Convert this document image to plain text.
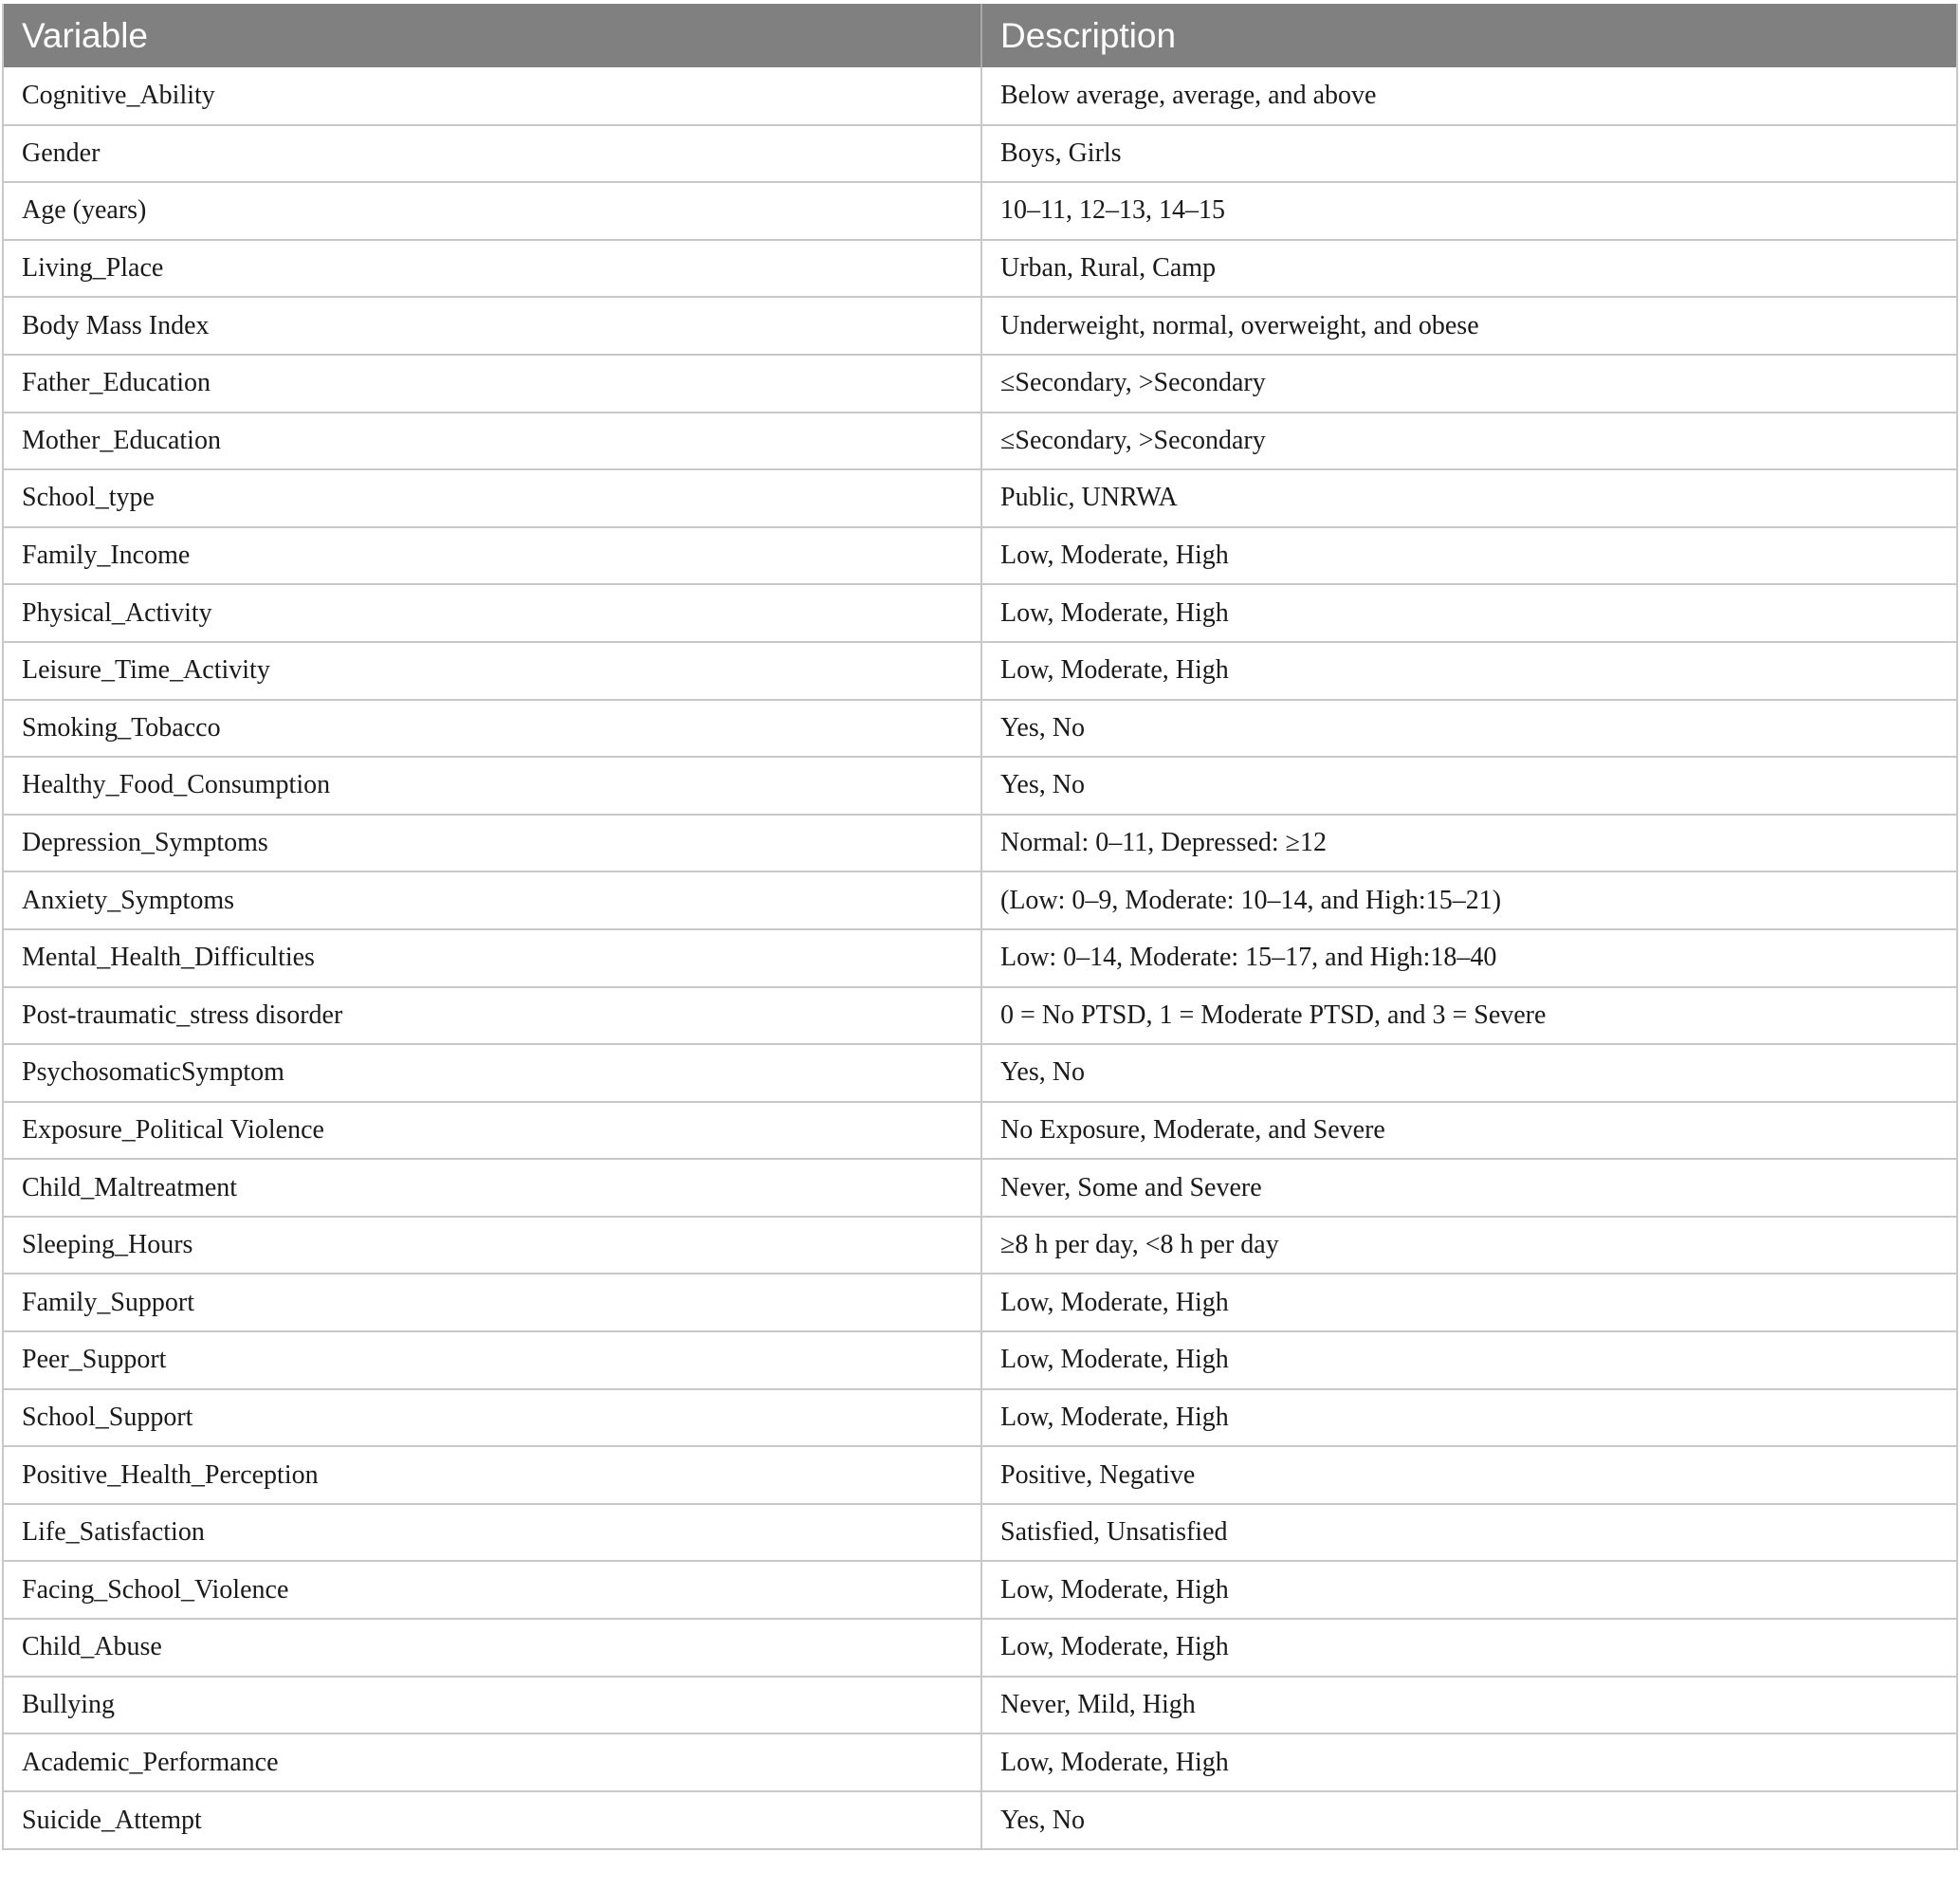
Variable	Description
Cognitive_Ability	Below average, average, and above
Gender	Boys, Girls
Age (years)	10–11, 12–13, 14–15
Living_Place	Urban, Rural, Camp
Body Mass Index	Underweight, normal, overweight, and obese
Father_Education	≤Secondary, >Secondary
Mother_Education	≤Secondary, >Secondary
School_type	Public, UNRWA
Family_Income	Low, Moderate, High
Physical_Activity	Low, Moderate, High
Leisure_Time_Activity	Low, Moderate, High
Smoking_Tobacco	Yes, No
Healthy_Food_Consumption	Yes, No
Depression_Symptoms	Normal: 0–11, Depressed: ≥12
Anxiety_Symptoms	(Low: 0–9, Moderate: 10–14, and High:15–21)
Mental_Health_Difficulties	Low: 0–14, Moderate: 15–17, and High:18–40
Post-traumatic_stress disorder	0 = No PTSD, 1 = Moderate PTSD, and 3 = Severe
PsychosomaticSymptom	Yes, No
Exposure_Political Violence	No Exposure, Moderate, and Severe
Child_Maltreatment	Never, Some and Severe
Sleeping_Hours	≥8 h per day, <8 h per day
Family_Support	Low, Moderate, High
Peer_Support	Low, Moderate, High
School_Support	Low, Moderate, High
Positive_Health_Perception	Positive, Negative
Life_Satisfaction	Satisfied, Unsatisfied
Facing_School_Violence	Low, Moderate, High
Child_Abuse	Low, Moderate, High
Bullying	Never, Mild, High
Academic_Performance	Low, Moderate, High
Suicide_Attempt	Yes, No
